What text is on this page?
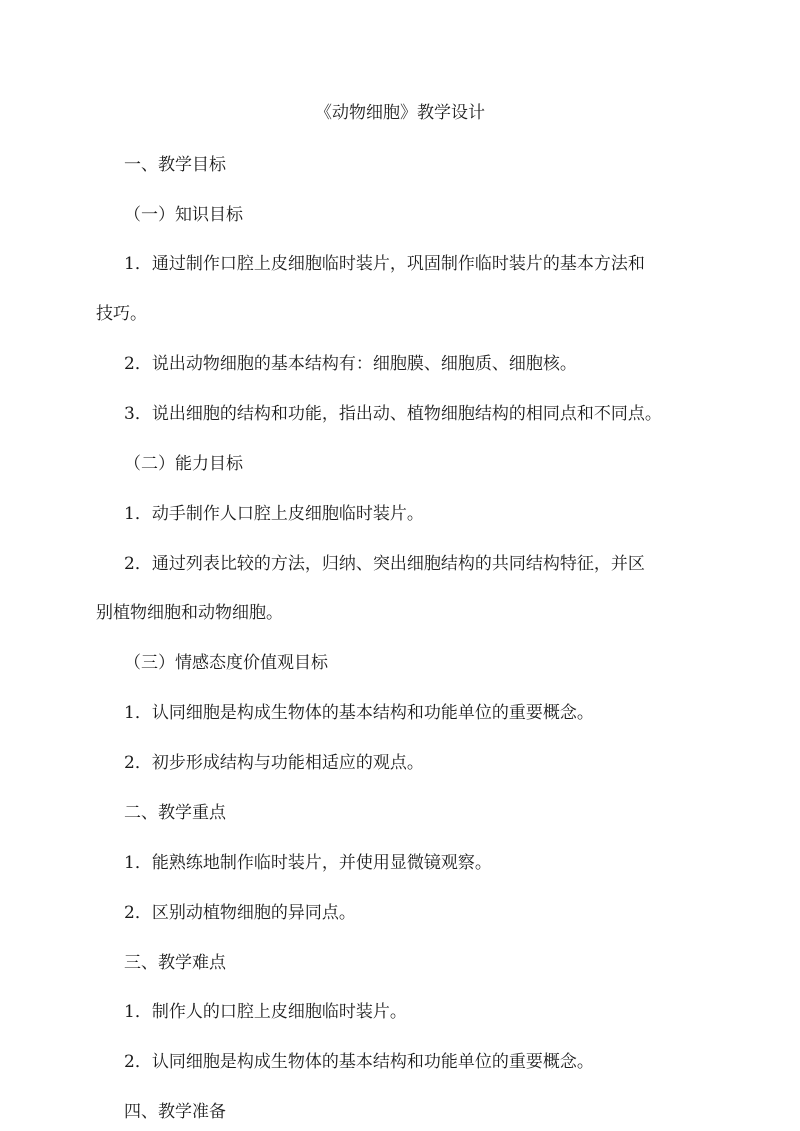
《动物细胞》教学设计
一、教学目标
（一）知识目标
1．通过制作口腔上皮细胞临时装片，巩固制作临时装片的基本方法和
技巧。
2．说出动物细胞的基本结构有：细胞膜、细胞质、细胞核。
3．说出细胞的结构和功能，指出动、植物细胞结构的相同点和不同点。
（二）能力目标
1．动手制作人口腔上皮细胞临时装片。
2．通过列表比较的方法，归纳、突出细胞结构的共同结构特征，并区
别植物细胞和动物细胞。
（三）情感态度价值观目标
1．认同细胞是构成生物体的基本结构和功能单位的重要概念。
2．初步形成结构与功能相适应的观点。
二、教学重点
1．能熟练地制作临时装片，并使用显微镜观察。
2．区别动植物细胞的异同点。
三、教学难点
1．制作人的口腔上皮细胞临时装片。
2．认同细胞是构成生物体的基本结构和功能单位的重要概念。
四、教学准备
